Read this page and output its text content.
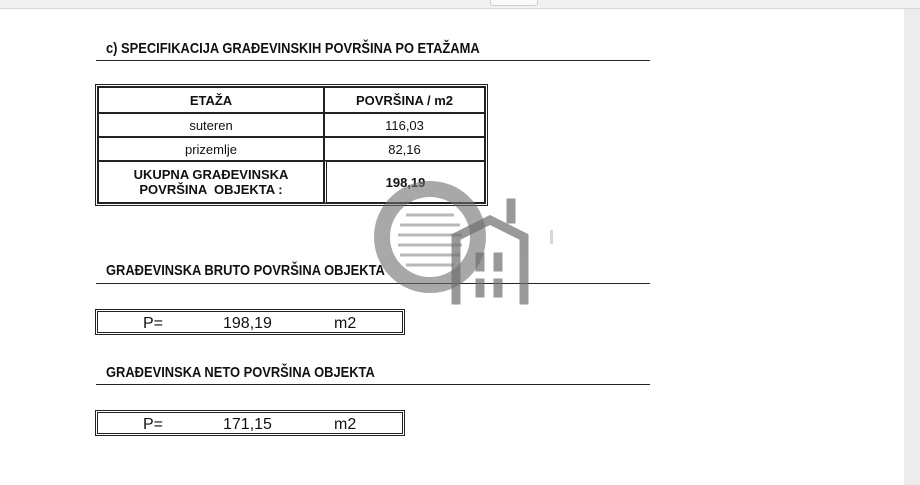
c) SPECIFIKACIJA GRAĐEVINSKIH POVRŠINA PO ETAŽAMA
ETAŽA	POVRŠINA / m2
suteren	116,03
prizemlje	82,16

UKUPNA GRAĐEVINSKA
POVRŠINA  OBJEKTA :	198,19
GRAĐEVINSKA BRUTO POVRŠINA OBJEKTA
P=	198,19	m2
GRAĐEVINSKA NETO POVRŠINA OBJEKTA
P=	171,15	m2
